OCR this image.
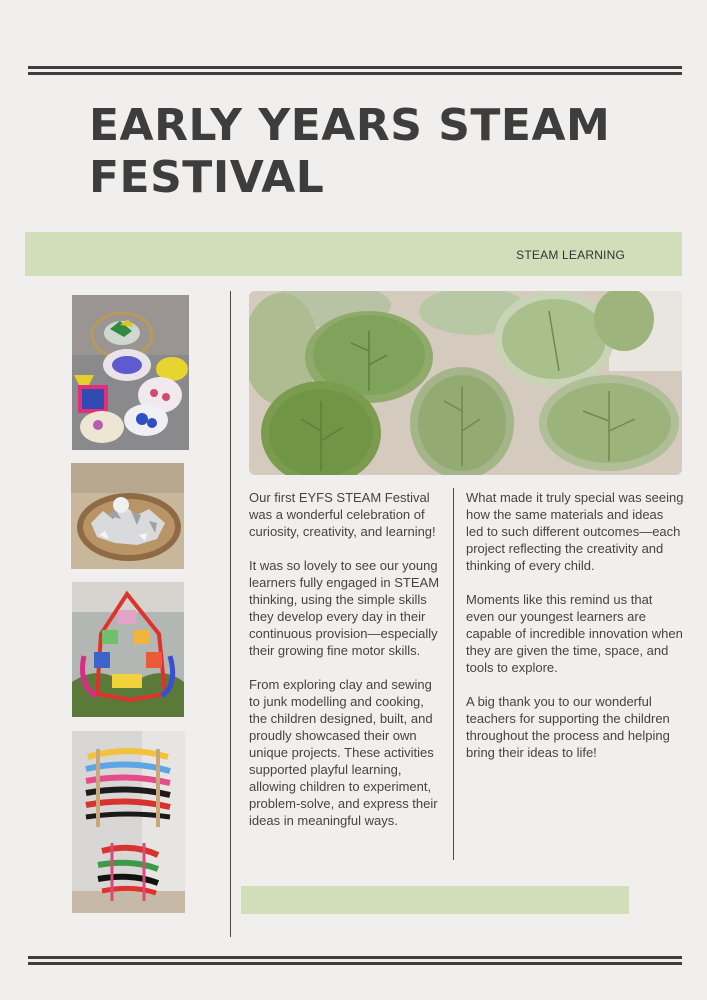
EARLY YEARS STEAM FESTIVAL
STEAM LEARNING

Our first EYFS STEAM Festival was a wonderful celebration of curiosity, creativity, and learning!

It was so lovely to see our young learners fully engaged in STEAM thinking, using the simple skills they develop every day in their continuous provision—especially their growing fine motor skills.

From exploring clay and sewing to junk modelling and cooking, the children designed, built, and proudly showcased their own unique projects. These activities supported playful learning, allowing children to experiment, problem-solve, and express their ideas in meaningful ways.

What made it truly special was seeing how the same materials and ideas led to such different outcomes—each project reflecting the creativity and thinking of every child.

Moments like this remind us that even our youngest learners are capable of incredible innovation when they are given the time, space, and tools to explore.

A big thank you to our wonderful teachers for supporting the children throughout the process and helping bring their ideas to life!
